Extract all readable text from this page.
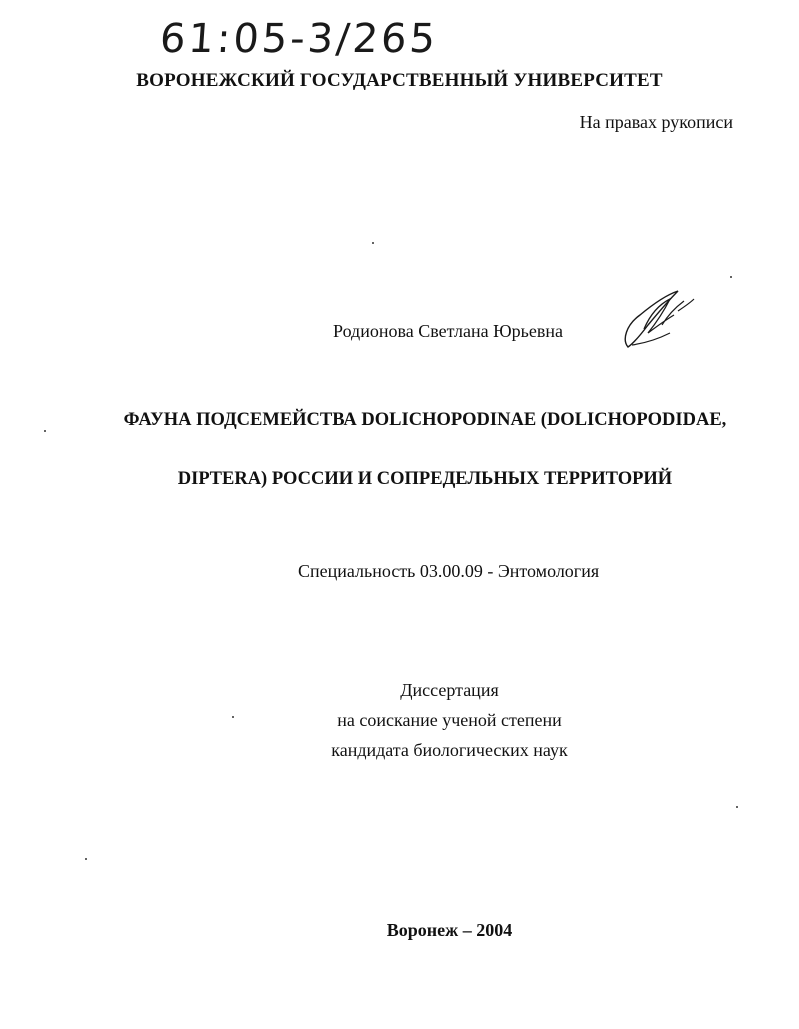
61:05-3/265
ВОРОНЕЖСКИЙ ГОСУДАРСТВЕННЫЙ УНИВЕРСИТЕТ
На правах рукописи
Родионова Светлана Юрьевна
ФАУНА ПОДСЕМЕЙСТВА DOLICHOPODINAE (DOLICHOPODIDAE,
DIPTERA) РОССИИ И СОПРЕДЕЛЬНЫХ ТЕРРИТОРИЙ
Специальность 03.00.09 - Энтомология
Диссертация
на соискание ученой степени
кандидата биологических наук
Воронеж – 2004
